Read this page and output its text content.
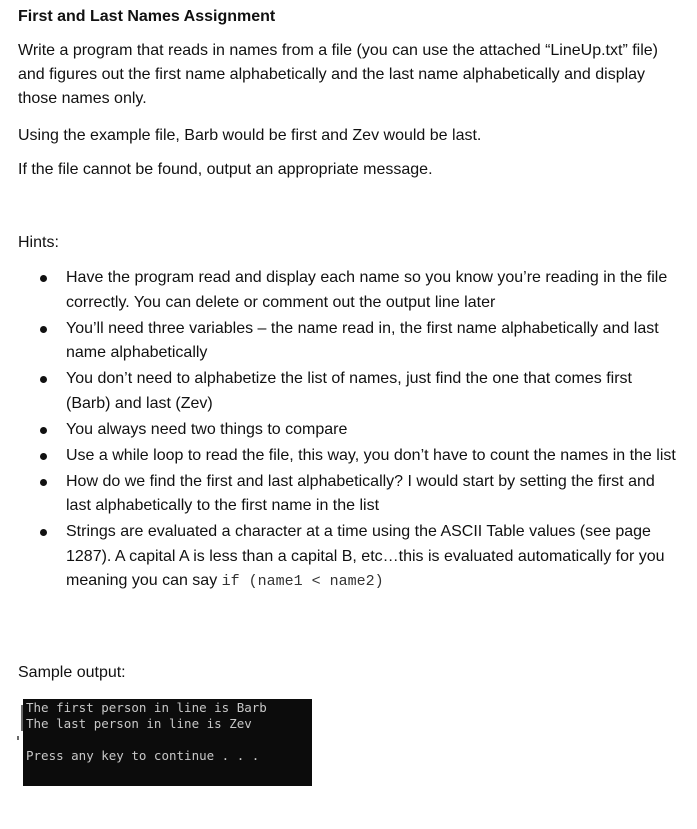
First and Last Names Assignment
Write a program that reads in names from a file (you can use the attached “LineUp.txt” file) and figures out the first name alphabetically and the last name alphabetically and display those names only.
Using the example file, Barb would be first and Zev would be last.
If the file cannot be found, output an appropriate message.
Hints:
Have the program read and display each name so you know you’re reading in the file correctly. You can delete or comment out the output line later
You’ll need three variables – the name read in, the first name alphabetically and last name alphabetically
You don’t need to alphabetize the list of names, just find the one that comes first (Barb) and last (Zev)
You always need two things to compare
Use a while loop to read the file, this way, you don’t have to count the names in the list
How do we find the first and last alphabetically? I would start by setting the first and last alphabetically to the first name in the list
Strings are evaluated a character at a time using the ASCII Table values (see page 1287). A capital A is less than a capital B, etc…this is evaluated automatically for you meaning you can say if (name1 < name2)
Sample output:
The first person in line is Barb
The last person in line is Zev
Press any key to continue . . .
